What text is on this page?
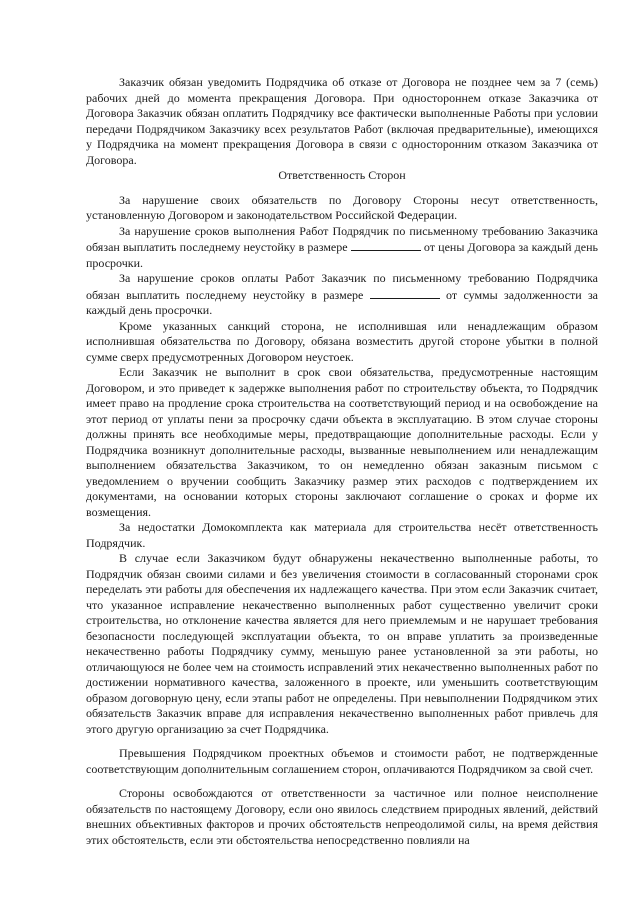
Заказчик обязан уведомить Подрядчика об отказе от Договора не позднее чем за 7 (семь) рабочих дней до момента прекращения Договора. При одностороннем отказе Заказчика от Договора Заказчик обязан оплатить Подрядчику все фактически выполненные Работы при условии передачи Подрядчиком Заказчику всех результатов Работ (включая предварительные), имеющихся у Подрядчика на момент прекращения Договора в связи с односторонним отказом Заказчика от Договора.

Ответственность Сторон

За нарушение своих обязательств по Договору Стороны несут ответственность, установленную Договором и законодательством Российской Федерации.

За нарушение сроков выполнения Работ Подрядчик по письменному требованию Заказчика обязан выплатить последнему неустойку в размере	от цены Договора за каждый день просрочки.

За нарушение сроков оплаты Работ Заказчик по письменному требованию Подрядчика обязан выплатить последнему неустойку в размере	от суммы задолженности за каждый день просрочки.

Кроме указанных санкций сторона, не исполнившая или ненадлежащим образом исполнившая обязательства по Договору, обязана возместить другой стороне убытки в полной сумме сверх предусмотренных Договором неустоек.

Если Заказчик не выполнит в срок свои обязательства, предусмотренные настоящим Договором, и это приведет к задержке выполнения работ по строительству объекта, то Подрядчик имеет право на продление срока строительства на соответствующий период и на освобождение на этот период от уплаты пени за просрочку сдачи объекта в эксплуатацию. В этом случае стороны должны принять все необходимые меры, предотвращающие дополнительные расходы. Если у Подрядчика возникнут дополнительные расходы, вызванные невыполнением или ненадлежащим выполнением обязательства Заказчиком, то он немедленно обязан заказным письмом с уведомлением о вручении сообщить Заказчику размер этих расходов с подтверждением их документами, на основании которых стороны заключают соглашение о сроках и форме их возмещения.

За недостатки Домокомплекта как материала для строительства несёт ответственность Подрядчик.

В случае если Заказчиком будут обнаружены некачественно выполненные работы, то Подрядчик обязан своими силами и без увеличения стоимости в согласованный сторонами срок переделать эти работы для обеспечения их надлежащего качества. При этом если Заказчик считает, что указанное исправление некачественно выполненных работ существенно увеличит сроки строительства, но отклонение качества является для него приемлемым и не нарушает требования безопасности последующей эксплуатации объекта, то он вправе уплатить за произведенные некачественно работы Подрядчику сумму, меньшую ранее установленной за эти работы, но отличающуюся не более чем на стоимость исправлений этих некачественно выполненных работ по достижении нормативного качества, заложенного в проекте, или уменьшить соответствующим образом договорную цену, если этапы работ не определены. При невыполнении Подрядчиком этих обязательств Заказчик вправе для исправления некачественно выполненных работ привлечь для этого другую организацию за счет Подрядчика.

Превышения Подрядчиком проектных объемов и стоимости работ, не подтвержденные соответствующим дополнительным соглашением сторон, оплачиваются Подрядчиком за свой счет.

Стороны освобождаются от ответственности за частичное или полное неисполнение обязательств по настоящему Договору, если оно явилось следствием природных явлений, действий внешних объективных факторов и прочих обстоятельств непреодолимой силы, на время действия этих обстоятельств, если эти обстоятельства непосредственно повлияли на
